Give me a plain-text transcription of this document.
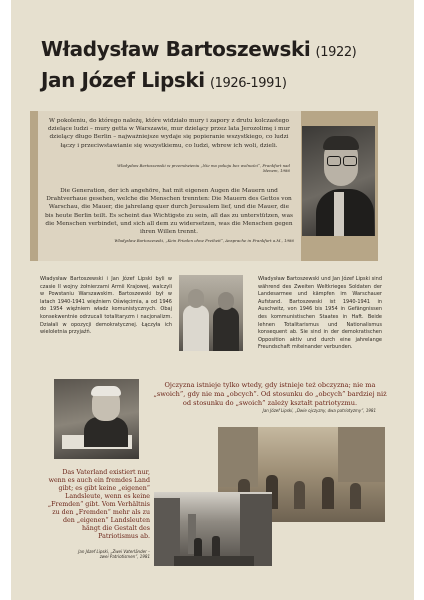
Władysław Bartoszewski (1922)
Jan Józef Lipski (1926-1991)

W pokoleniu, do którego należę, które widziało mury i zapory z drutu kolczastego dzielące ludzi – mury getta w Warszawie, mur dzielący przez lata Jerozolimę i mur dzielący długo Berlin – najważniejsze wydaje się popieranie wszystkiego, co ludzi łączy i przeciwstawianie się wszystkiemu, co ludzi, wbrew ich woli, dzieli.

Władysław Bartoszewski w przemówieniu „Nie ma pokoju bez wolności“, Frankfurt nad Menem, 1986

Die Generation, der ich angehöre, hat mit eigenen Augen die Mauern und Drahtverhaue gesehen, welche die Menschen trennten: Die Mauern des Gettos von Warschau, die Mauer, die jahrelang quer durch Jerusalem lief, und die Mauer, die bis heute Berlin teilt. Es scheint das Wichtigste zu sein, all das zu unterstützen, was die Menschen verbindet, und sich all dem zu widersetzen, was die Menschen gegen ihren Willen trennt.

Władysław Bartoszewski, „Kein Frieden ohne Freiheit“, Ansprache in Frankfurt a.M., 1986

Władysław Bartoszewski i Jan Józef Lipski byli w czasie II wojny żołnierzami Armii Krajowej, walczyli w Powstaniu Warszawskim. Bartoszewski był w latach 1940-1941 więźniem Oświęcimia, a od 1946 do 1954 więźniem władz komunistycznych. Obaj konsekwentnie odrzucali totalitaryzm i nacjonalizm. Działali w opozycji demokratycznej. Łączyła ich wieloletnia przyjaźń.

Władysław Bartoszewski und Jan Józef Lipski sind während des Zweiten Weltkrieges Soldaten der Landesarmee und kämpfen im Warschauer Aufstand. Bartoszewski ist 1940-1941 in Auschwitz, von 1946 bis 1954 in Gefängnissen des kommunistischen Staates in Haft. Beide lehnen Totalitarismus und Nationalismus konsequent ab. Sie sind in der demokratischen Opposition aktiv und durch eine jahrelange Freundschaft miteinander verbunden.

Ojczyzna istnieje tylko wtedy, gdy istnieje też obczyzna; nie ma „swoich”, gdy nie ma „obcych”. Od stosunku do „obcych” bardziej niż od stosunku do „swoich” zależy kształt patriotyzmu.

Jan Józef Lipski, „Dwie ojczyzny, dwa patriotyzmy“, 1981

Das Vaterland existiert nur, wenn es auch ein fremdes Land gibt; es gibt keine „eigenen“ Landsleute, wenn es keine „Fremden“ gibt. Vom Verhältnis zu den „Fremden“ mehr als zu den „eigenen“ Landsleuten hängt die Gestalt des Patriotismus ab.

Jan Józef Lipski, „Zwei Vaterländer – zwei Patriotismen“, 1981
